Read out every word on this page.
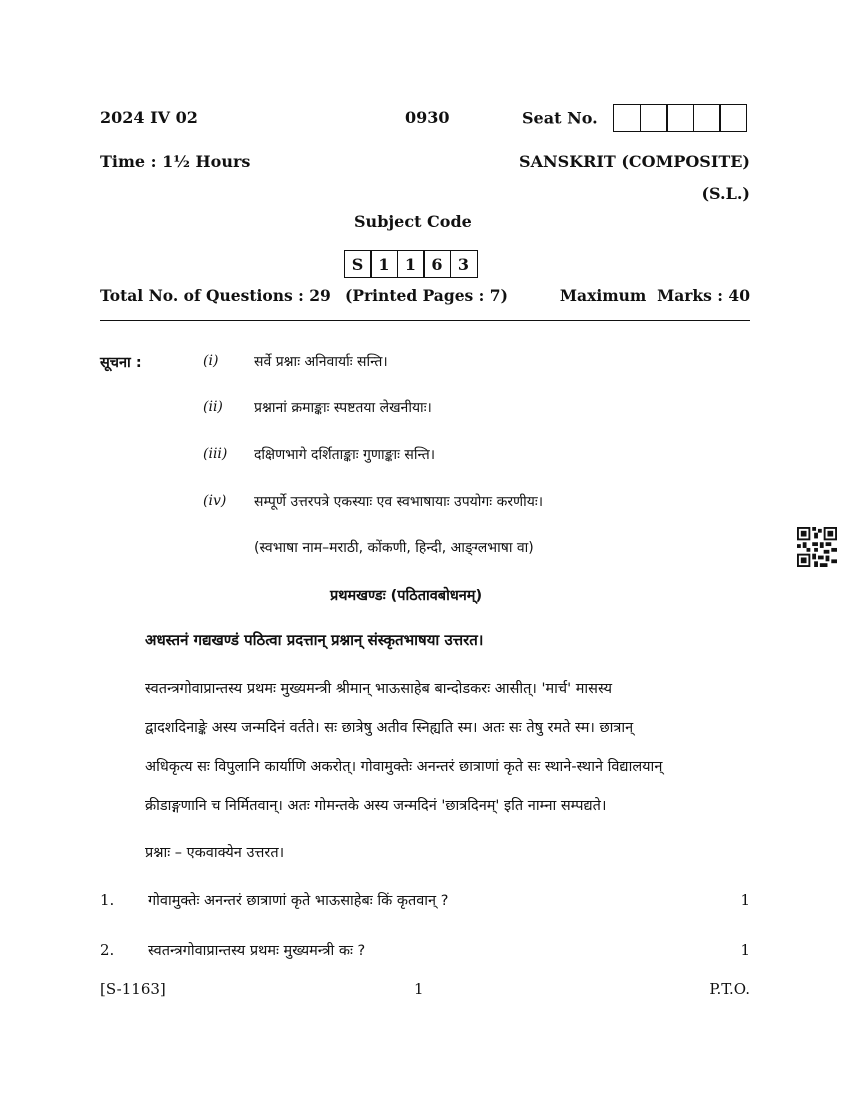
2024 IV 02	0930	Seat No.
Time : 1½ Hours	SANSKRIT (COMPOSITE)
(S.L.)
Subject Code
S 1 1 6 3
Total No. of Questions : 29 (Printed Pages : 7)	Maximum  Marks : 40
सूचना :	(i)	सर्वे प्रश्नाः अनिवार्याः सन्ति।
(ii) प्रश्नानां क्रमाङ्काः स्पष्टतया लेखनीयाः।
(iii) दक्षिणभागे दर्शिताङ्काः गुणाङ्काः सन्ति।
(iv) सम्पूर्णे उत्तरपत्रे एकस्याः एव स्वभाषायाः उपयोगः करणीयः।
(स्वभाषा नाम–मराठी, कोंकणी, हिन्दी, आङ्ग्लभाषा वा)
प्रथमखण्डः (पठितावबोधनम्)
अधस्तनं गद्यखण्डं पठित्वा प्रदत्तान् प्रश्नान् संस्कृतभाषया उत्तरत।
स्वतन्त्रगोवाप्रान्तस्य प्रथमः मुख्यमन्त्री श्रीमान् भाऊसाहेब बान्दोडकरः आसीत्। 'मार्च' मासस्य
द्वादशदिनाङ्के अस्य जन्मदिनं वर्तते। सः छात्रेषु अतीव स्निह्यति स्म। अतः सः तेषु रमते स्म। छात्रान्
अधिकृत्य सः विपुलानि कार्याणि अकरोत्। गोवामुक्तेः अनन्तरं छात्राणां कृते सः स्थाने-स्थाने विद्यालयान्
क्रीडाङ्गणानि च निर्मितवान्। अतः गोमन्तके अस्य जन्मदिनं 'छात्रदिनम्' इति नाम्ना सम्पद्यते।
प्रश्नाः – एकवाक्येन उत्तरत।
1. गोवामुक्तेः अनन्तरं छात्राणां कृते भाऊसाहेबः किं कृतवान् ?	1
2. स्वतन्त्रगोवाप्रान्तस्य प्रथमः मुख्यमन्त्री कः ?	1
[S-1163]	1	P.T.O.
